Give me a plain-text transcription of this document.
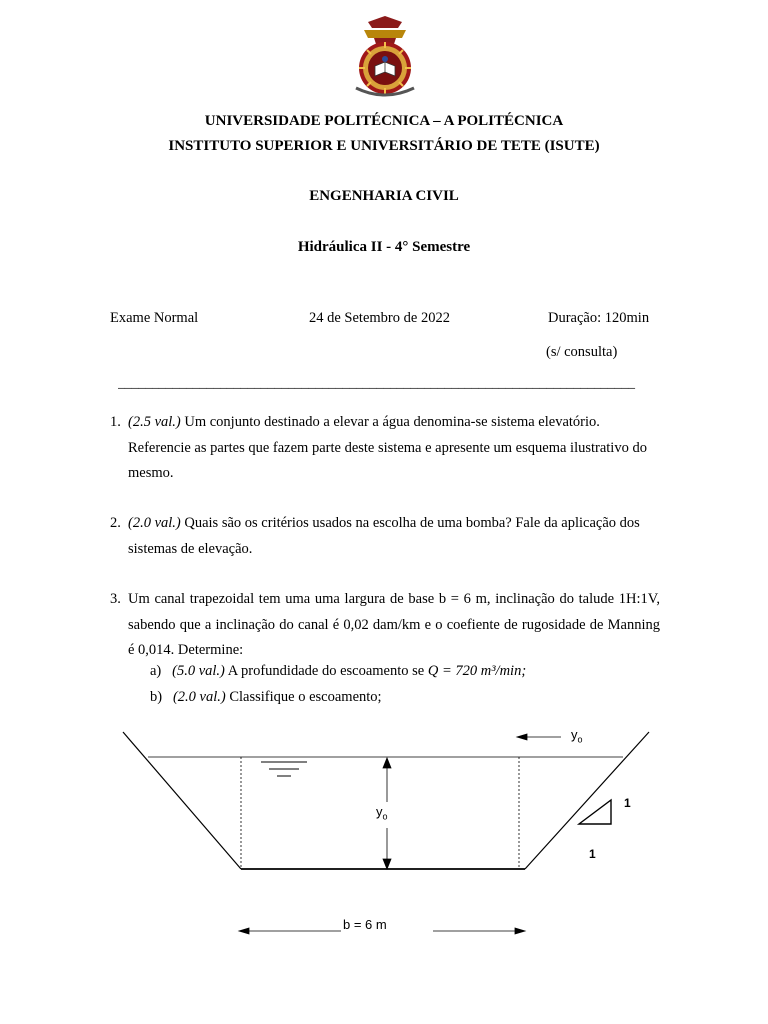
UNIVERSIDADE POLITÉCNICA – A POLITÉCNICA
INSTITUTO SUPERIOR E UNIVERSITÁRIO DE TETE (ISUTE)
ENGENHARIA CIVIL
Hidráulica II - 4° Semestre
Exame Normal	24 de Setembro de 2022	Duração: 120min
(s/ consulta)
____________________________________________________________________________
1. (2.5 val.) Um conjunto destinado a elevar a água denomina-se sistema elevatório. Referencie as partes que fazem parte deste sistema e apresente um esquema ilustrativo do mesmo.
2. (2.0 val.) Quais são os critérios usados na escolha de uma bomba? Fale da aplicação dos sistemas de elevação.
3. Um canal trapezoidal tem uma uma largura de base b = 6 m, inclinação do talude 1H:1V, sabendo que a inclinação do canal é 0,02 dam/km e o coefiente de rugosidade de Manning é 0,014. Determine:
a) (5.0 val.) A profundidade do escoamento se Q = 720 m³/min;
b) (2.0 val.) Classifique o escoamento;
$y_o$
$y_o$
1
1
b = 6 m
